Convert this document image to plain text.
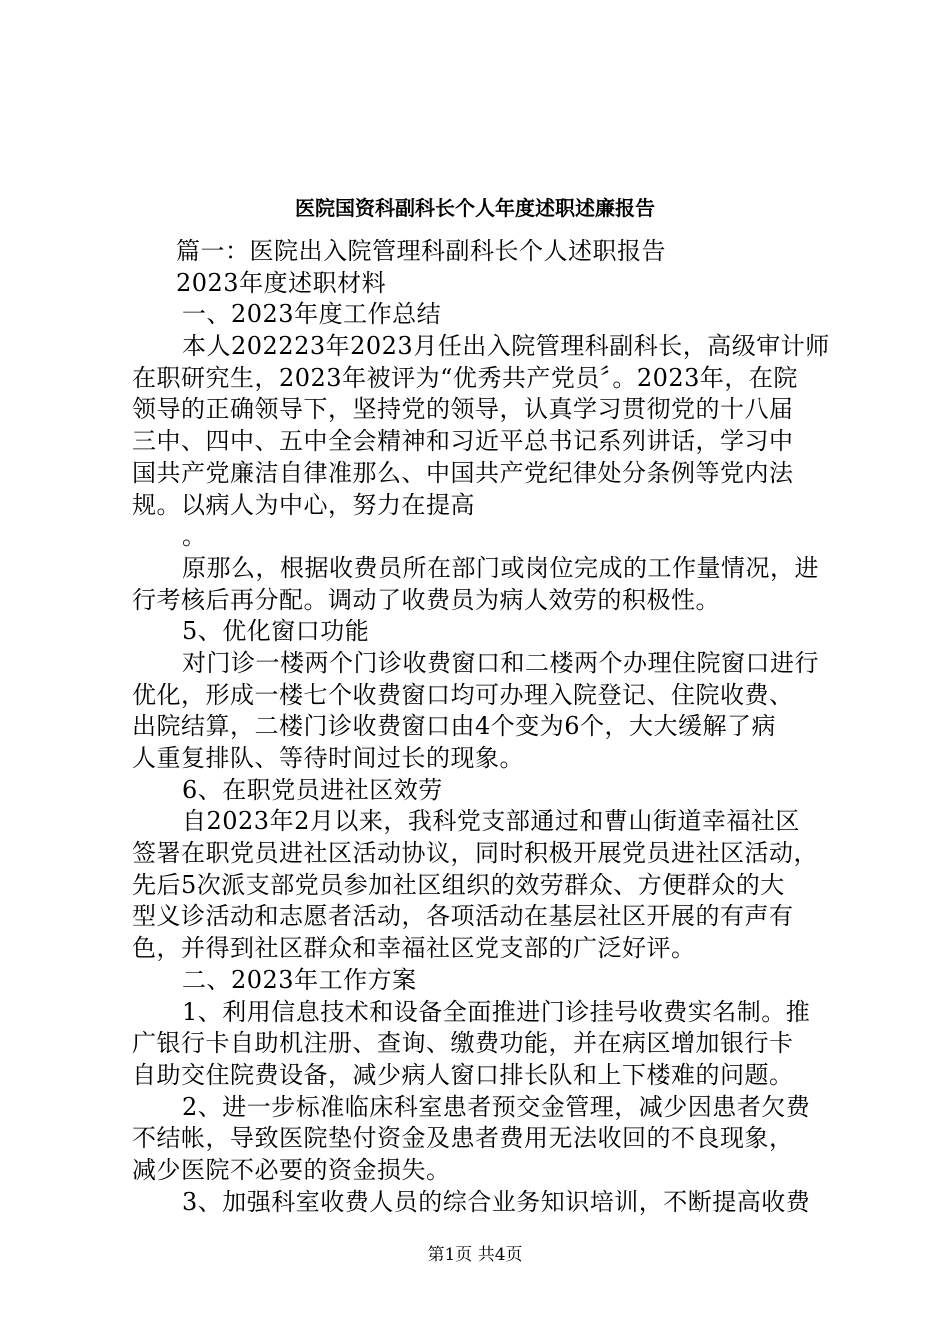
医院国资科副科长个人年度述职述廉报告
篇一：医院出入院管理科副科长个人述职报告
2023年度述职材料
一、2023年度工作总结
本人202223年2023月任出入院管理科副科长，高级审计师
在职研究生，2023年被评为“优秀共产党员〞。2023年，在院
领导的正确领导下，坚持党的领导，认真学习贯彻党的十八届
三中、四中、五中全会精神和习近平总书记系列讲话，学习中
国共产党廉洁自律准那么、中国共产党纪律处分条例等党内法
规。以病人为中心，努力在提高
。
原那么，根据收费员所在部门或岗位完成的工作量情况，进
行考核后再分配。调动了收费员为病人效劳的积极性。
5、优化窗口功能
对门诊一楼两个门诊收费窗口和二楼两个办理住院窗口进行
优化，形成一楼七个收费窗口均可办理入院登记、住院收费、
出院结算，二楼门诊收费窗口由4个变为6个，大大缓解了病
人重复排队、等待时间过长的现象。
6、在职党员进社区效劳
自2023年2月以来，我科党支部通过和曹山街道幸福社区
签署在职党员进社区活动协议，同时积极开展党员进社区活动，
先后5次派支部党员参加社区组织的效劳群众、方便群众的大
型义诊活动和志愿者活动，各项活动在基层社区开展的有声有
色，并得到社区群众和幸福社区党支部的广泛好评。
二、2023年工作方案
1、利用信息技术和设备全面推进门诊挂号收费实名制。推
广银行卡自助机注册、查询、缴费功能，并在病区增加银行卡
自助交住院费设备，减少病人窗口排长队和上下楼难的问题。
2、进一步标准临床科室患者预交金管理，减少因患者欠费
不结帐，导致医院垫付资金及患者费用无法收回的不良现象，
减少医院不必要的资金损失。
3、加强科室收费人员的综合业务知识培训，不断提高收费
第1页 共4页
